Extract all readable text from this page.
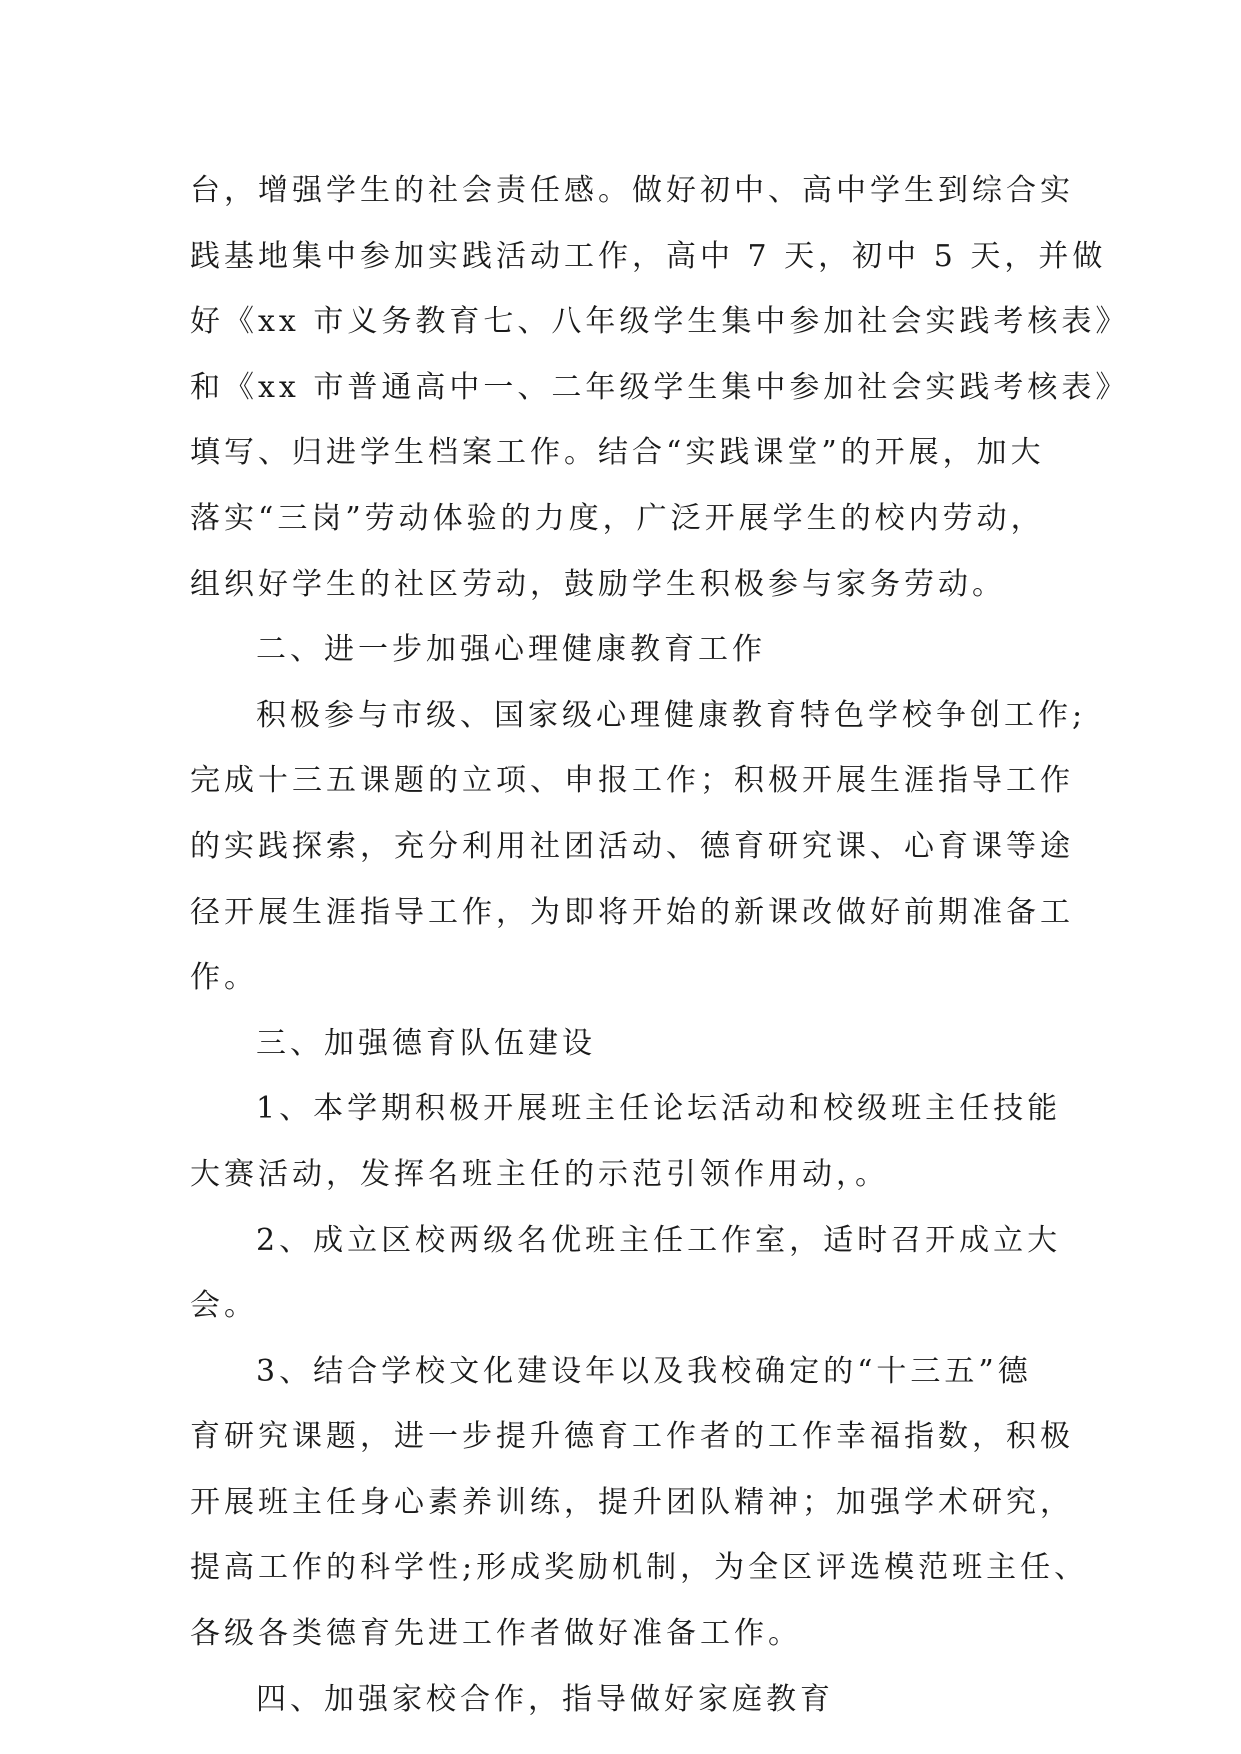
台，增强学生的社会责任感。做好初中、高中学生到综合实
践基地集中参加实践活动工作，高中 7 天，初中 5 天，并做
好《xx 市义务教育七、八年级学生集中参加社会实践考核表》
和《xx 市普通高中一、二年级学生集中参加社会实践考核表》
填写、归进学生档案工作。结合“实践课堂”的开展，加大
落实“三岗”劳动体验的力度，广泛开展学生的校内劳动，
组织好学生的社区劳动，鼓励学生积极参与家务劳动。
二、进一步加强心理健康教育工作
积极参与市级、国家级心理健康教育特色学校争创工作;
完成十三五课题的立项、申报工作；积极开展生涯指导工作
的实践探索，充分利用社团活动、德育研究课、心育课等途
径开展生涯指导工作，为即将开始的新课改做好前期准备工
作。
三、加强德育队伍建设
1、本学期积极开展班主任论坛活动和校级班主任技能
大赛活动，发挥名班主任的示范引领作用动，。
2、成立区校两级名优班主任工作室，适时召开成立大
会。
3、结合学校文化建设年以及我校确定的“十三五”德
育研究课题，进一步提升德育工作者的工作幸福指数，积极
开展班主任身心素养训练，提升团队精神；加强学术研究，
提高工作的科学性;形成奖励机制，为全区评选模范班主任、
各级各类德育先进工作者做好准备工作。
四、加强家校合作，指导做好家庭教育
